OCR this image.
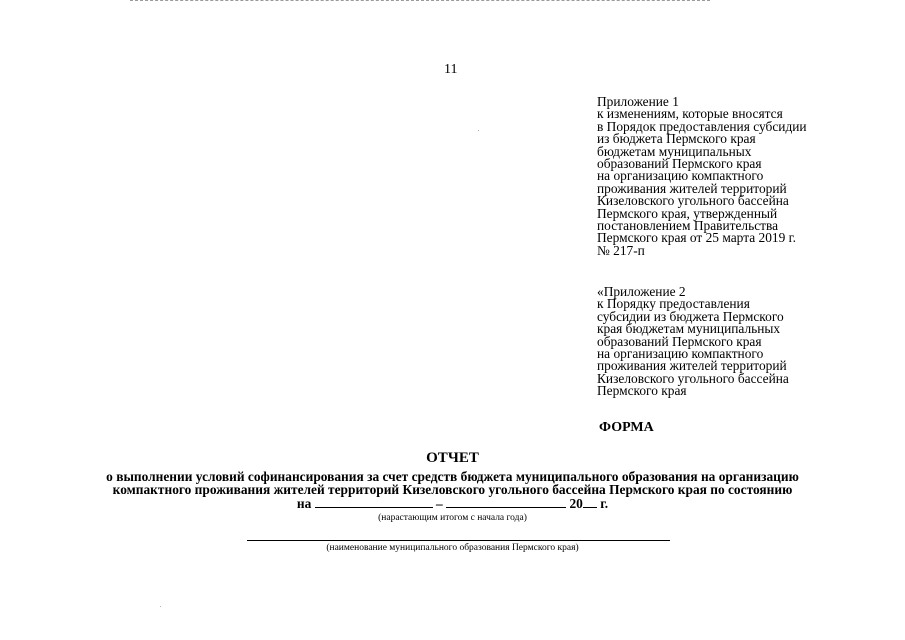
11
Приложение 1
к изменениям, которые вносятся
в Порядок предоставления субсидии
из бюджета Пермского края
бюджетам муниципальных
образований Пермского края
на организацию компактного
проживания жителей территорий
Кизеловского угольного бассейна
Пермского края, утвержденный
постановлением Правительства
Пермского края от 25 марта 2019 г.
№ 217-п
«Приложение 2
к Порядку предоставления
субсидии из бюджета Пермского
края бюджетам муниципальных
образований Пермского края
на организацию компактного
проживания жителей территорий
Кизеловского угольного бассейна
Пермского края
ФОРМА
ОТЧЕТ
о выполнении условий софинансирования за счет средств бюджета муниципального образования на организацию
компактного проживания жителей территорий Кизеловского угольного бассейна Пермского края по состоянию
на	–	20 г.
(нарастающим итогом с начала года)
(наименование муниципального образования Пермского края)
